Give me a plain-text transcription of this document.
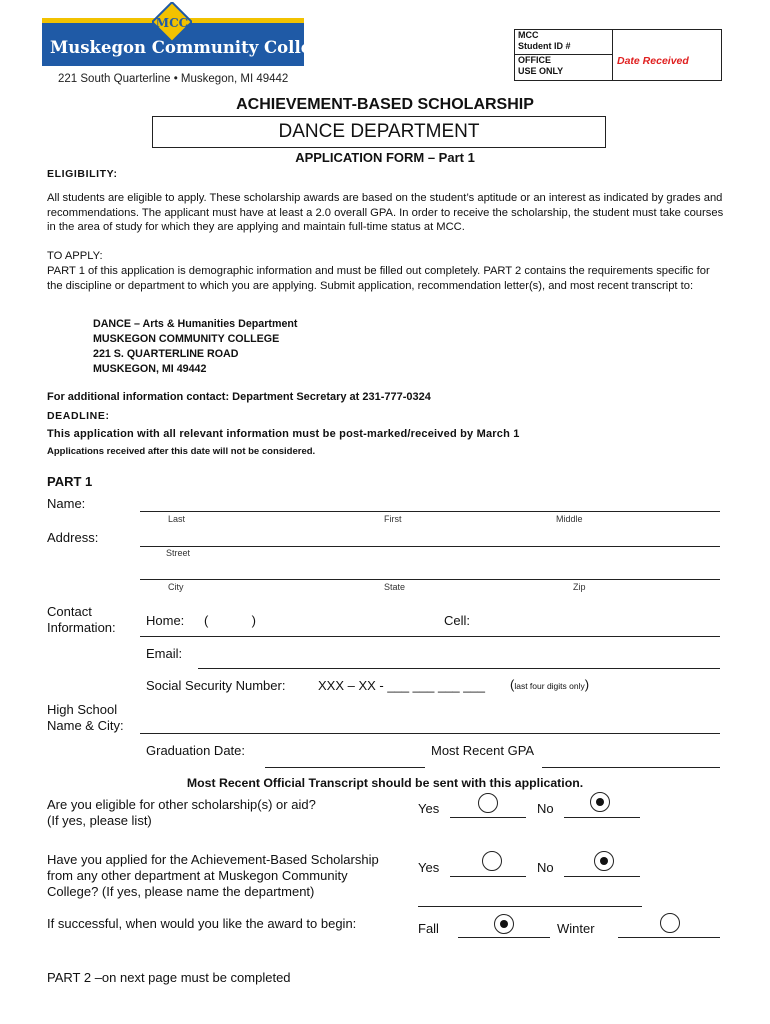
MCC
Muskegon Community College
221 South Quarterline • Muskegon, MI 49442
MCC
Student ID #
OFFICE
USE ONLY
Date Received
ACHIEVEMENT-BASED SCHOLARSHIP
DANCE DEPARTMENT
APPLICATION FORM – Part 1
ELIGIBILITY:
All students are eligible to apply. These scholarship awards are based on the student’s aptitude or an interest as indicated by grades and recommendations. The applicant must have at least a 2.0 overall GPA. In order to receive the scholarship, the student must take courses in the area of study for which they are applying and maintain full-time status at MCC.
TO APPLY:
PART 1 of this application is demographic information and must be filled out completely. PART 2 contains the requirements specific for the discipline or department to which you are applying. Submit application, recommendation letter(s), and most recent transcript to:
DANCE – Arts & Humanities Department
MUSKEGON COMMUNITY COLLEGE
221 S. QUARTERLINE ROAD
MUSKEGON, MI 49442
For additional information contact: Department Secretary at 231-777-0324
DEADLINE:
This application with all relevant information must be post-marked/received by March 1
Applications received after this date will not be considered.
PART 1
Name:
Last	First	Middle
Address:
Street
City	State	Zip
Contact
Information: Home: (            )	Cell:
Email:
Social Security Number:	XXX – XX - ___ ___ ___ ___ (last four digits only)
High School
Name & City:
Graduation Date:	Most Recent GPA
Most Recent Official Transcript should be sent with this application.
Are you eligible for other scholarship(s) or aid?
(If yes, please list)
Yes	No
Have you applied for the Achievement-Based Scholarship
from any other department at Muskegon Community
College? (If yes, please name the department)
Yes	No
If successful, when would you like the award to begin:	Fall	Winter
PART 2 –on next page must be completed
